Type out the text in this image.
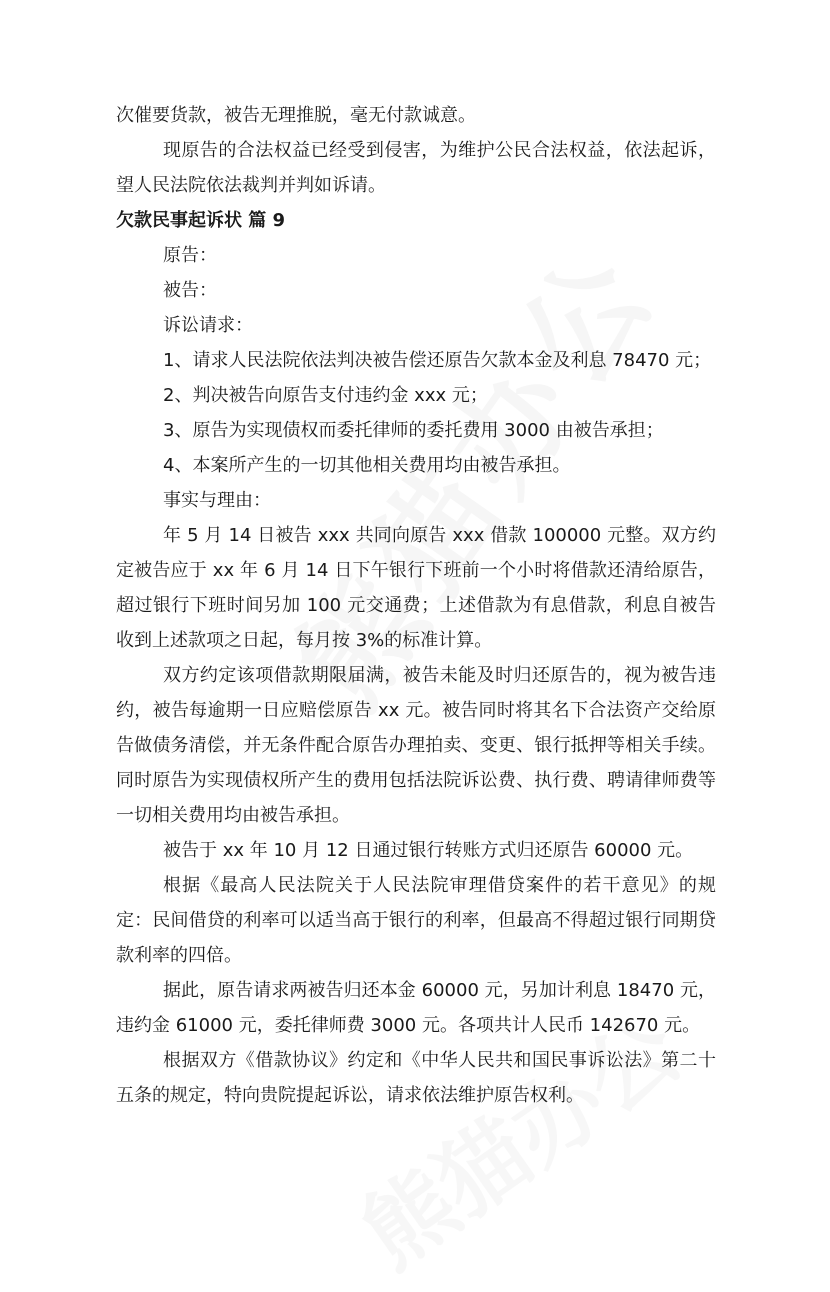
次催要货款，被告无理推脱，毫无付款诚意。

现原告的合法权益已经受到侵害，为维护公民合法权益，依法起诉，望人民法院依法裁判并判如诉请。

欠款民事起诉状 篇 9

原告：

被告：

诉讼请求：

1、请求人民法院依法判决被告偿还原告欠款本金及利息 78470 元；

2、判决被告向原告支付违约金 xxx 元；

3、原告为实现债权而委托律师的委托费用 3000 由被告承担；

4、本案所产生的一切其他相关费用均由被告承担。

事实与理由：

年 5 月 14 日被告 xxx 共同向原告 xxx 借款 100000 元整。双方约定被告应于 xx 年 6 月 14 日下午银行下班前一个小时将借款还清给原告，超过银行下班时间另加 100 元交通费；上述借款为有息借款，利息自被告收到上述款项之日起，每月按 3%的标准计算。

双方约定该项借款期限届满，被告未能及时归还原告的，视为被告违约，被告每逾期一日应赔偿原告 xx 元。被告同时将其名下合法资产交给原告做债务清偿，并无条件配合原告办理拍卖、变更、银行抵押等相关手续。同时原告为实现债权所产生的费用包括法院诉讼费、执行费、聘请律师费等一切相关费用均由被告承担。

被告于 xx 年 10 月 12 日通过银行转账方式归还原告 60000 元。

根据《最高人民法院关于人民法院审理借贷案件的若干意见》的规定：民间借贷的利率可以适当高于银行的利率，但最高不得超过银行同期贷款利率的四倍。

据此，原告请求两被告归还本金 60000 元，另加计利息 18470 元，违约金 61000 元，委托律师费 3000 元。各项共计人民币 142670 元。

根据双方《借款协议》约定和《中华人民共和国民事诉讼法》第二十五条的规定，特向贵院提起诉讼，请求依法维护原告权利。
